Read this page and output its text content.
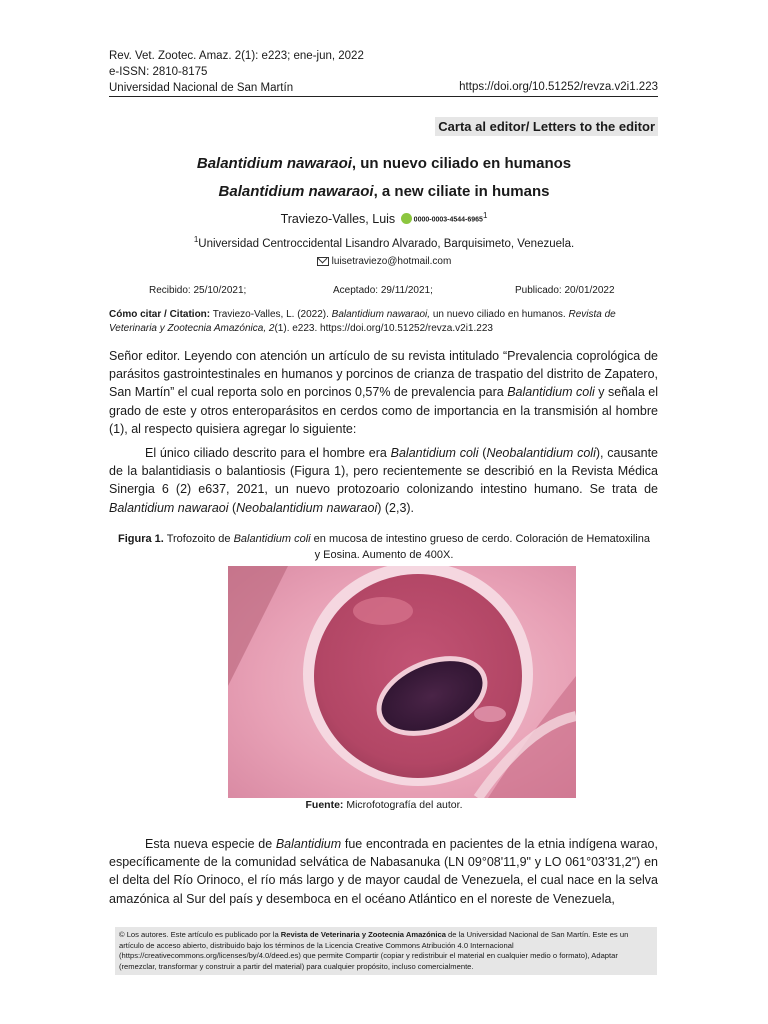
Rev. Vet. Zootec. Amaz. 2(1): e223; ene-jun, 2022
e-ISSN: 2810-8175
Universidad Nacional de San Martín	https://doi.org/10.51252/revza.v2i1.223
Carta al editor/ Letters to the editor
Balantidium nawaraoi, un nuevo ciliado en humanos
Balantidium nawaraoi, a new ciliate in humans
Traviezo-Valles, Luis 0000-0003-4544-6965$^1$
$^1$Universidad Centroccidental Lisandro Alvarado, Barquisimeto, Venezuela.
luisetraviezo@hotmail.com
Recibido: 25/10/2021;	Aceptado: 29/11/2021;	Publicado: 20/01/2022
Cómo citar / Citation: Traviezo-Valles, L. (2022). Balantidium nawaraoi, un nuevo ciliado en humanos. Revista de Veterinaria y Zootecnia Amazónica, 2(1). e223. https://doi.org/10.51252/revza.v2i1.223
Señor editor. Leyendo con atención un artículo de su revista intitulado “Prevalencia coprológica de parásitos gastrointestinales en humanos y porcinos de crianza de traspatio del distrito de Zapatero, San Martín” el cual reporta solo en porcinos 0,57% de prevalencia para Balantidium coli y señala el grado de este y otros enteroparásitos en cerdos como de importancia en la transmisión al hombre (1), al respecto quisiera agregar lo siguiente:
El único ciliado descrito para el hombre era Balantidium coli (Neobalantidium coli), causante de la balantidiasis o balantiosis (Figura 1), pero recientemente se describió en la Revista Médica Sinergia 6 (2) e637, 2021, un nuevo protozoario colonizando intestino humano. Se trata de Balantidium nawaraoi (Neobalantidium nawaraoi) (2,3).
Figura 1. Trofozoito de Balantidium coli en mucosa de intestino grueso de cerdo. Coloración de Hematoxilina y Eosina. Aumento de 400X.
Fuente: Microfotografía del autor.
Esta nueva especie de Balantidium fue encontrada en pacientes de la etnia indígena warao, específicamente de la comunidad selvática de Nabasanuka (LN 09°08'11,9" y LO 061°03'31,2") en el delta del Río Orinoco, el río más largo y de mayor caudal de Venezuela, el cual nace en la selva amazónica al Sur del país y desemboca en el océano Atlántico en el noreste de Venezuela,
© Los autores. Este artículo es publicado por la Revista de Veterinaria y Zootecnia Amazónica de la Universidad Nacional de San Martín. Este es un artículo de acceso abierto, distribuido bajo los términos de la Licencia Creative Commons Atribución 4.0 Internacional (https://creativecommons.org/licenses/by/4.0/deed.es) que permite Compartir (copiar y redistribuir el material en cualquier medio o formato), Adaptar (remezclar, transformar y construir a partir del material) para cualquier propósito, incluso comercialmente.
